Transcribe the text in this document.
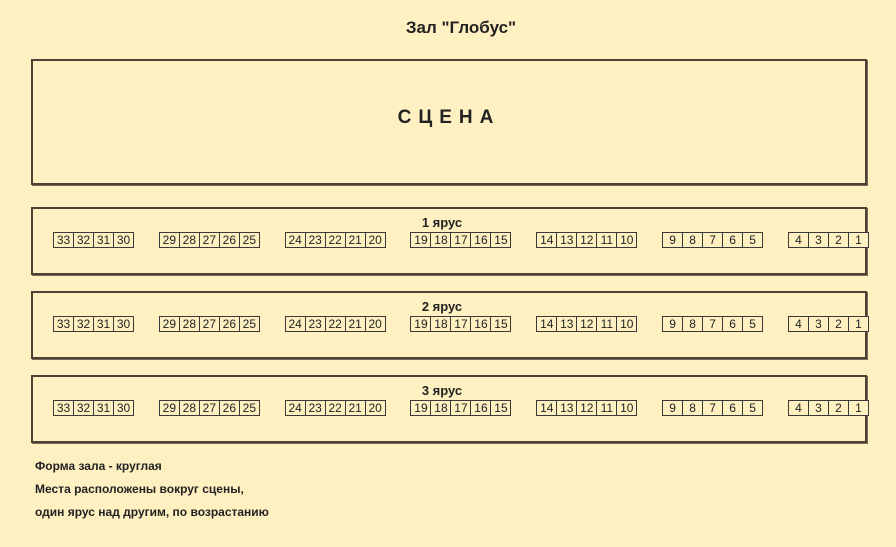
Зал "Глобус"
СЦЕНА
1 ярус
33 32 31 30	29 28 27 26 25	24 23 22 21 20	19 18 17 16 15	14 13 12 11 10	9	8	7	6	5	4	3	2	1
2 ярус
33 32 31 30	29 28 27 26 25	24 23 22 21 20	19 18 17 16 15	14 13 12 11 10	9	8	7	6	5	4	3	2	1
3 ярус
33 32 31 30	29 28 27 26 25	24 23 22 21 20	19 18 17 16 15	14 13 12 11 10	9	8	7	6	5	4	3	2	1
Форма зала - круглая
Места расположены вокруг сцены,
один ярус над другим, по возрастанию
